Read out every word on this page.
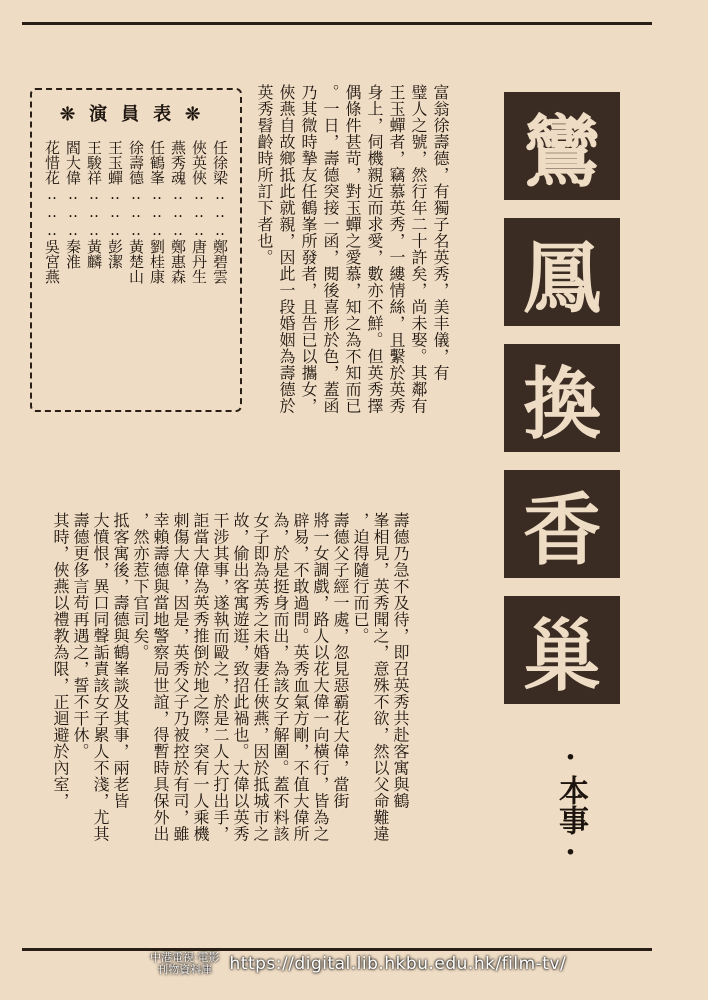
鸞
鳳
換
香
巢
·本事·
❊演員表❊
任徐梁‥‥‥鄭碧雲
俠英俠‥‥‥唐丹生
燕秀魂‥‥‥鄭惠森
任鶴峯‥‥‥劉桂康
徐壽德‥‥‥黃楚山
王玉蟬‥‥‥彭潔
王駿祥‥‥‥黃麟
閻大偉‥‥‥秦淮
花惜花‥‥‥吳宮燕	富翁徐壽德，有獨子名英秀，美丰儀，有
璧人之號，然行年二十許矣，尚未娶。其鄰有
王玉蟬者，竊慕英秀，一縷情絲，且繫於英秀
身上，伺機親近而求愛，數亦不鮮。但英秀擇
偶條件甚苛，對玉蟬之愛慕，知之為不知而已
。一日，壽德突接一函，閱後喜形於色，蓋函
乃其微時摯友任鶴峯所發者，且告已以攜女，
俠燕自故鄉抵此就親，因此一段婚姻為壽德於
英秀髫齡時所訂下者也。
壽德乃急不及待，即召英秀共赴客寓與鶴
峯相見，英秀聞之，意殊不欲，然以父命難違
，迫得隨行而已。
壽德父子經一處，忽見惡霸花大偉，當街
將一女調戲，路人以花大偉一向橫行，皆為之
辟易，不敢過問。英秀血氣方剛，不值大偉所
為，於是挺身而出，為該女子解圍。蓋不料該
女子即為英秀之未婚妻任俠燕，因於抵城市之
故，偷出客寓遊逛，致招此禍也。大偉以英秀
干涉其事，遂執而毆之，於是二人大打出手，
詎當大偉為英秀推倒於地之際，突有一人乘機
刺傷大偉，因是，英秀父子乃被控於有司，雖
幸賴壽德與當地警察局世誼，得暫時具保外出
，然亦惹下官司矣。
抵客寓後，壽德與鶴峯談及其事，兩老皆
大憤恨，異口同聲詬責該女子累人不淺，尤其
壽德更侈言苟再遇之，誓不干休。
其時，俠燕以禮教為限，正迴避於內室，
中港電視·電影
刊物資料庫	https://digital.lib.hkbu.edu.hk/film-tv/
